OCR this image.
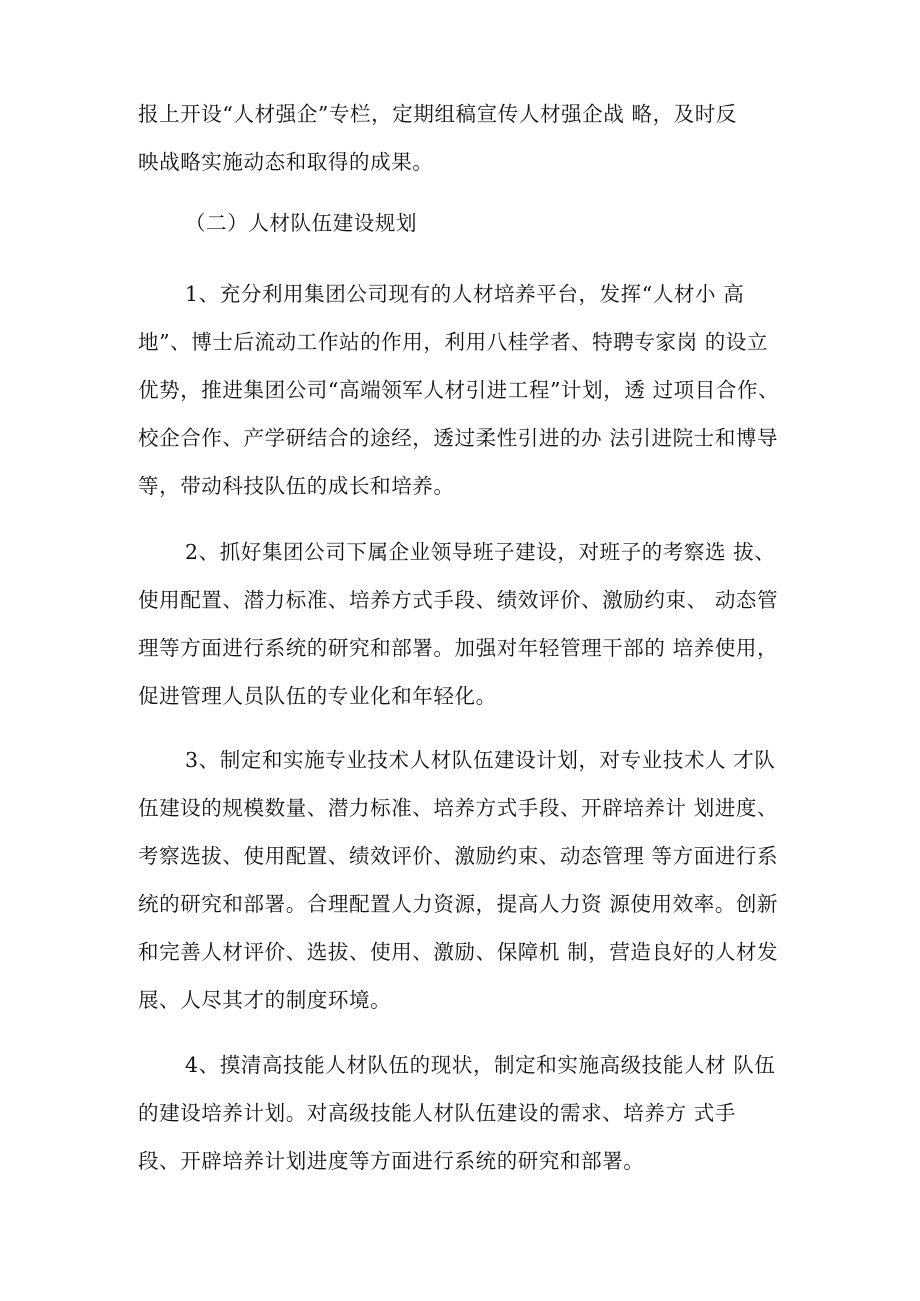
报上开设“人材强企”专栏，定期组稿宣传人材强企战 略，及时反
映战略实施动态和取得的成果。
（二）人材队伍建设规划
1、充分利用集团公司现有的人材培养平台，发挥“人材小 高
地”、博士后流动工作站的作用，利用八桂学者、特聘专家岗 的设立
优势，推进集团公司“高端领军人材引进工程”计划，透 过项目合作、
校企合作、产学研结合的途经，透过柔性引进的办 法引进院士和博导
等，带动科技队伍的成长和培养。
2、抓好集团公司下属企业领导班子建设，对班子的考察选 拔、
使用配置、潜力标准、培养方式手段、绩效评价、激励约束、 动态管
理等方面进行系统的研究和部署。加强对年轻管理干部的 培养使用，
促进管理人员队伍的专业化和年轻化。
3、制定和实施专业技术人材队伍建设计划，对专业技术人 才队
伍建设的规模数量、潜力标准、培养方式手段、开辟培养计 划进度、
考察选拔、使用配置、绩效评价、激励约束、动态管理 等方面进行系
统的研究和部署。合理配置人力资源，提高人力资 源使用效率。创新
和完善人材评价、选拔、使用、激励、保障机 制，营造良好的人材发
展、人尽其才的制度环境。
4、摸清高技能人材队伍的现状，制定和实施高级技能人材 队伍
的建设培养计划。对高级技能人材队伍建设的需求、培养方 式手
段、开辟培养计划进度等方面进行系统的研究和部署。
